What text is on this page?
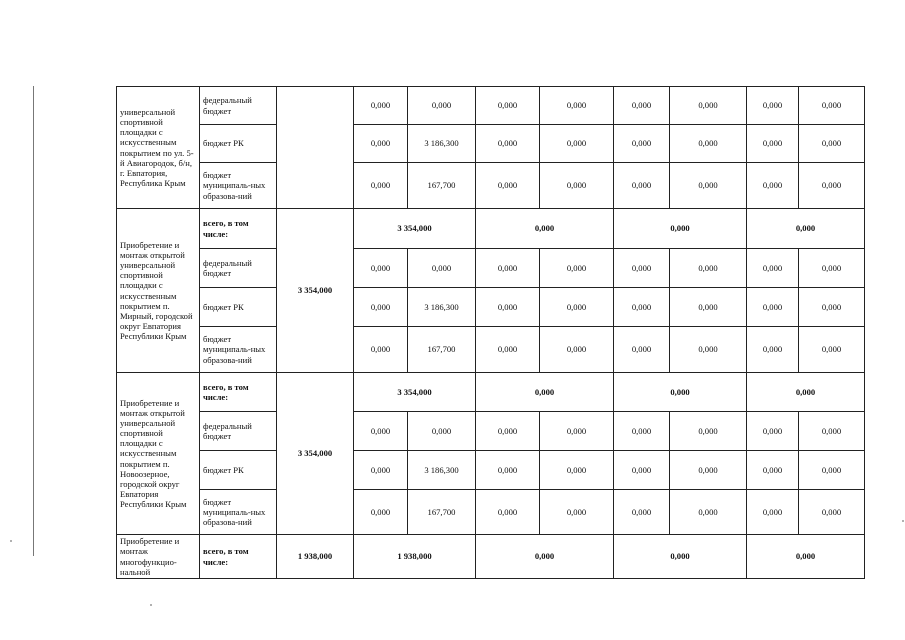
универсальной спортивной площадки с искусственным покрытием по ул. 5-й Авиагородок, б/н, г. Евпатория, Республика Крым	федеральный бюджет		0,000	0,000	0,000	0,000	0,000	0,000	0,000	0,000
	бюджет РК		0,000	3 186,300	0,000	0,000	0,000	0,000	0,000	0,000
	бюджет муниципаль-ных образова-ний		0,000	167,700	0,000	0,000	0,000	0,000	0,000	0,000
Приобретение и монтаж открытой универсальной спортивной площадки с искусственным покрытием п. Мирный, городской округ Евпатория Республики Крым	всего, в том числе:	3 354,000	3 354,000		0,000		0,000		0,000	
	федеральный бюджет		0,000	0,000	0,000	0,000	0,000	0,000	0,000	0,000
	бюджет РК		0,000	3 186,300	0,000	0,000	0,000	0,000	0,000	0,000
	бюджет муниципаль-ных образова-ний		0,000	167,700	0,000	0,000	0,000	0,000	0,000	0,000
Приобретение и монтаж открытой универсальной спортивной площадки с искусственным покрытием п. Новоозерное, городской округ Евпатория Республики Крым	всего, в том числе:	3 354,000	3 354,000		0,000		0,000		0,000	
	федеральный бюджет		0,000	0,000	0,000	0,000	0,000	0,000	0,000	0,000
	бюджет РК		0,000	3 186,300	0,000	0,000	0,000	0,000	0,000	0,000
	бюджет муниципаль-ных образова-ний		0,000	167,700	0,000	0,000	0,000	0,000	0,000	0,000
Приобретение и монтаж многофункцио-нальной	всего, в том числе:	1 938,000	1 938,000		0,000		0,000		0,000	
